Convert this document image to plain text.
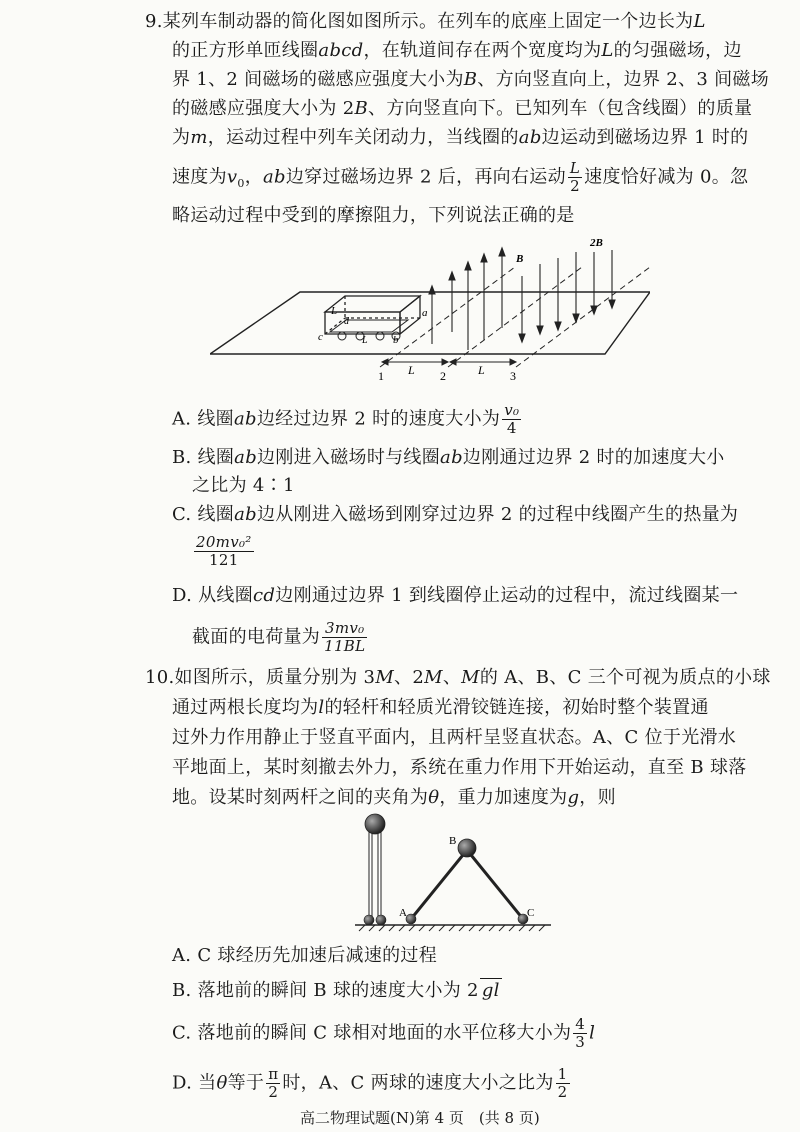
9.某列车制动器的简化图如图所示。在列车的底座上固定一个边长为L
的正方形单匝线圈abcd，在轨道间存在两个宽度均为L的匀强磁场，边
界 1、2 间磁场的磁感应强度大小为B、方向竖直向上，边界 2、3 间磁场
的磁感应强度大小为 2B、方向竖直向下。已知列车（包含线圈）的质量
为m，运动过程中列车关闭动力，当线圈的ab边运动到磁场边界 1 时的
速度为$v_0$，ab边穿过磁场边界 2 后，再向右运动 $\frac{L}{2}$ 速度恰好减为 0。忽
略运动过程中受到的摩擦阻力，下列说法正确的是
L	a
b
c
d
L
B
2B
1 L 2	L 3
A. 线圈ab边经过边界 2 时的速度大小为 $\frac{\text{v₀}}{4}$
B. 线圈ab边刚进入磁场时与线圈ab边刚通过边界 2 时的加速度大小
之比为 4∶1
C. 线圈ab边从刚进入磁场到刚穿过边界 2 的过程中线圈产生的热量为
$\frac{\text{20mv₀²}}{121}$
D. 从线圈cd边刚通过边界 1 到线圈停止运动的过程中，流过线圈某一
截面的电荷量为 $\frac{\text{3mv₀}}{11BL}$
10.如图所示，质量分别为 3M、2M、M的 A、B、C 三个可视为质点的小球
通过两根长度均为l的轻杆和轻质光滑铰链连接，初始时整个装置通
过外力作用静止于竖直平面内，且两杆呈竖直状态。A、C 位于光滑水
平地面上，某时刻撤去外力，系统在重力作用下开始运动，直至 B 球落
地。设某时刻两杆之间的夹角为θ，重力加速度为g，则
B
A	C
A. C 球经历先加速后减速的过程
B. 落地前的瞬间 B 球的速度大小为 2 gl
C. 落地前的瞬间 C 球相对地面的水平位移大小为 $\frac{4}{3}$ l
D. 当θ等于 $\frac{\pi}{2}$ 时，A、C 两球的速度大小之比为 $\frac{1}{2}$
高二物理试题(N)第 4 页　(共 8 页)
